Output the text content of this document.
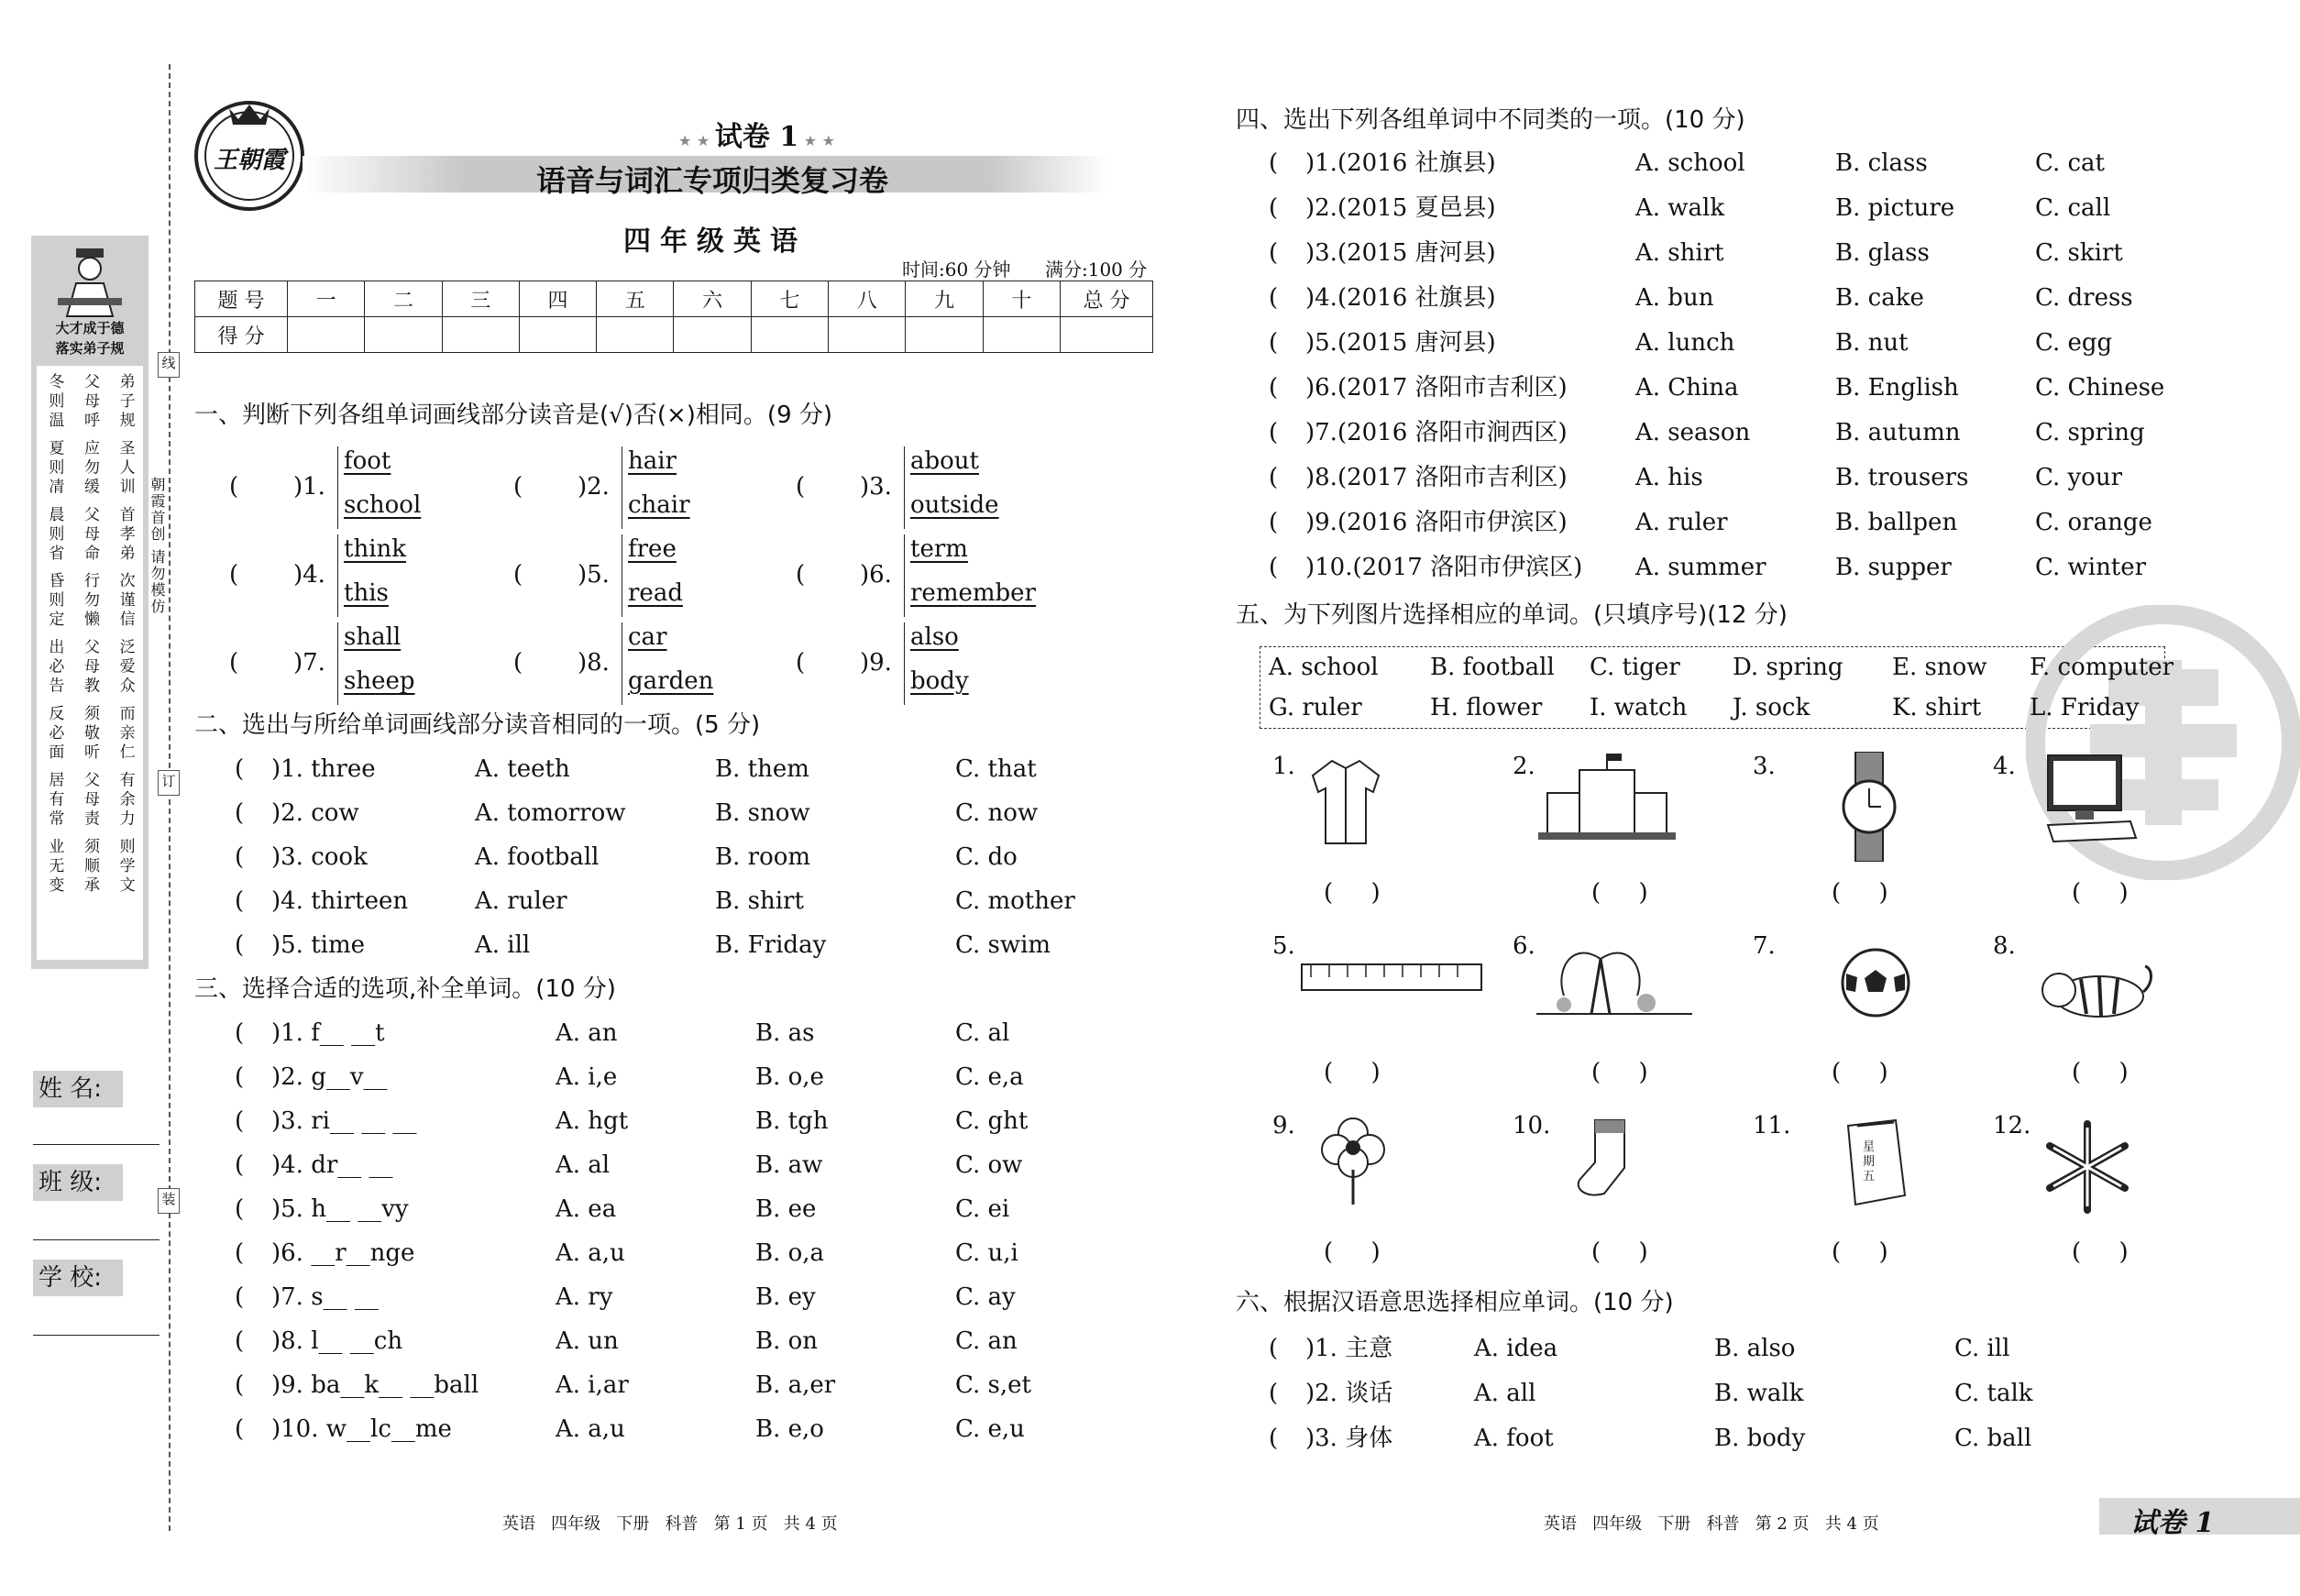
线
订
装
朝霞首创 请勿模仿
大才成于德
落实弟子规
冬则温 夏则凊 晨则省 昏则定 出必告 反必面 居有常 业无变 父母呼 应勿缓 父母命 行勿懒 父母教 须敬听 父母责 须顺承 弟子规 圣人训 首孝弟 次谨信 泛爱众 而亲仁 有余力 则学文
姓 名:
班 级:
学 校:
王朝霞
★ ★ 试卷 1 ★ ★
语音与词汇专项归类复习卷
四年级英语
时间:60 分钟 满分:100 分
题 号	一	二	三	四	五	六	七	八	九	十	总 分
得 分											
一、判断下列各组单词画线部分读音是(√)否(×)相同。(9 分)
二、选出与所给单词画线部分读音相同的一项。(5 分)
三、选择合适的选项,补全单词。(10 分)
四、选出下列各组单词中不同类的一项。(10 分)
五、为下列图片选择相应的单词。(只填序号)(12 分)
六、根据汉语意思选择相应单词。(10 分)
英语   四年级   下册   科普   第 1 页   共 4 页	英语   四年级   下册   科普   第 2 页   共 4 页	试卷 1
( )1.
foot
school
( )2.
hair
chair
( )3.
about
outside
( )4.
think
this
( )5.
free
read
( )6.
term
remember
( )7.
shall
sheep
( )8.
car
garden
( )9.
also
body
( )1. three	A. teeth	B. them	C. that
( )2. cow	A. tomorrow	B. snow	C. now
( )3. cook	A. football	B. room	C. do
( )4. thirteen	A. ruler	B. shirt	C. mother
( )5. time	A. ill	B. Friday	C. swim
( )1. f__ __t	A. an	B. as	C. al
( )2. g__v__	A. i,e	B. o,e	C. e,a
( )3. ri__ __ __	A. hgt	B. tgh	C. ght
( )4. dr__ __	A. al	B. aw	C. ow
( )5. h__ __vy	A. ea	B. ee	C. ei
( )6. __r__nge	A. a,u	B. o,a	C. u,i
( )7. s__ __	A. ry	B. ey	C. ay
( )8. l__ __ch	A. un	B. on	C. an
( )9. ba__k__ __ball	A. i,ar	B. a,er	C. s,et
( )10. w__lc__me	A. a,u	B. e,o	C. e,u
( )1.(2016 社旗县)	A. school	B. class	C. cat
( )2.(2015 夏邑县)	A. walk	B. picture	C. call
( )3.(2015 唐河县)	A. shirt	B. glass	C. skirt
( )4.(2016 社旗县)	A. bun	B. cake	C. dress
( )5.(2015 唐河县)	A. lunch	B. nut	C. egg
( )6.(2017 洛阳市吉利区)	A. China	B. English	C. Chinese
( )7.(2016 洛阳市涧西区)	A. season	B. autumn	C. spring
( )8.(2017 洛阳市吉利区)	A. his	B. trousers	C. your
( )9.(2016 洛阳市伊滨区)	A. ruler	B. ballpen	C. orange
( )10.(2017 洛阳市伊滨区) A. summer	B. supper	C. winter
( )1. 主意	A. idea	B. also	C. ill
( )2. 谈话	A. all	B. walk	C. talk
( )3. 身体	A. foot	B. body	C. ball
A. school B. football C. tiger D. spring E. snow F. computer
G. ruler	H. flower I. watch J. sock	K. shirt L. Friday
1.
(     )
2.
(     )
3.
(     )
4.
(     )
5.
(     )
6.
(     )
7.
(     )
8.
(     )
9.
(     )
10.
(     )
11.
星期五
(     )
12.
(     )
